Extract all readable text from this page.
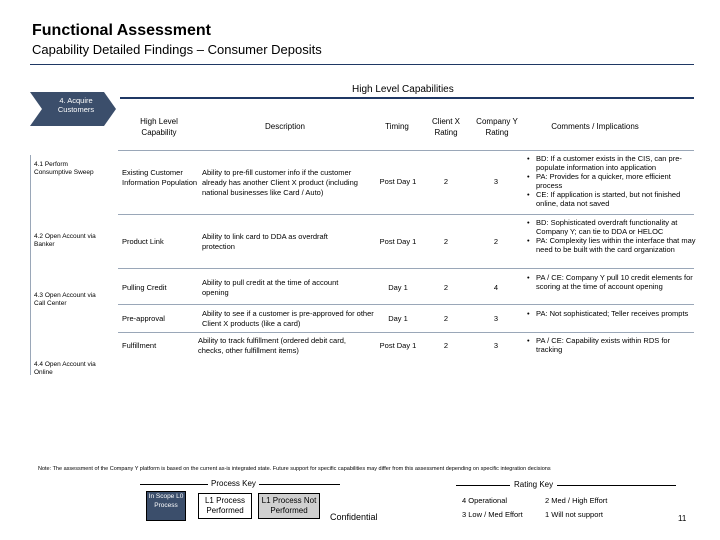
Functional Assessment
Capability Detailed Findings – Consumer Deposits
High Level Capabilities
4. Acquire Customers
High Level Capability
Description	Timing
Client X Rating
Company Y Rating
Comments / Implications
4.1 Perform Consumptive Sweep
4.2 Open Account via Banker
4.3 Open Account via Call Center
4.4 Open Account via Online
Existing Customer Information Population
Ability to pre-fill customer info if the customer already has another Client X product (including national businesses like Card / Auto)
Post Day 1	2	3
• BD: If a customer exists in the CIS, can pre-populate information into application
• PA: Provides for a quicker, more efficient process
• CE: If application is started, but not finished online, data not saved
Product Link
Ability to link card to DDA as overdraft protection
Post Day 1	2	2
• BD: Sophisticated overdraft functionality at Company Y; can tie to DDA or HELOC
• PA: Complexity lies within the interface that may need to be built with the card organization
Pulling Credit
Ability to pull credit at the time of account opening
Day 1	2	4
• PA / CE: Company Y pull 10 credit elements for scoring at the time of account opening
Pre-approval
Ability to see if a customer is pre-approved for other Client X products (like a card)
Day 1	2	3
• PA: Not sophisticated; Teller receives prompts
Fulfillment
Ability to track fulfillment (ordered debit card, checks, other fulfillment items)
Post Day 1	2	3
• PA / CE: Capability exists within RDS for tracking
Note: The assessment of the Company Y platform is based on the current as-is integrated state. Future support for specific capabilities may differ from this assessment depending on specific integration decisions
Process Key
In Scope L0 Process
L1 Process Performed
L1 Process Not Performed
Confidential
Rating Key
4 Operational	2 Med / High Effort
3 Low / Med Effort	1 Will not support	11
